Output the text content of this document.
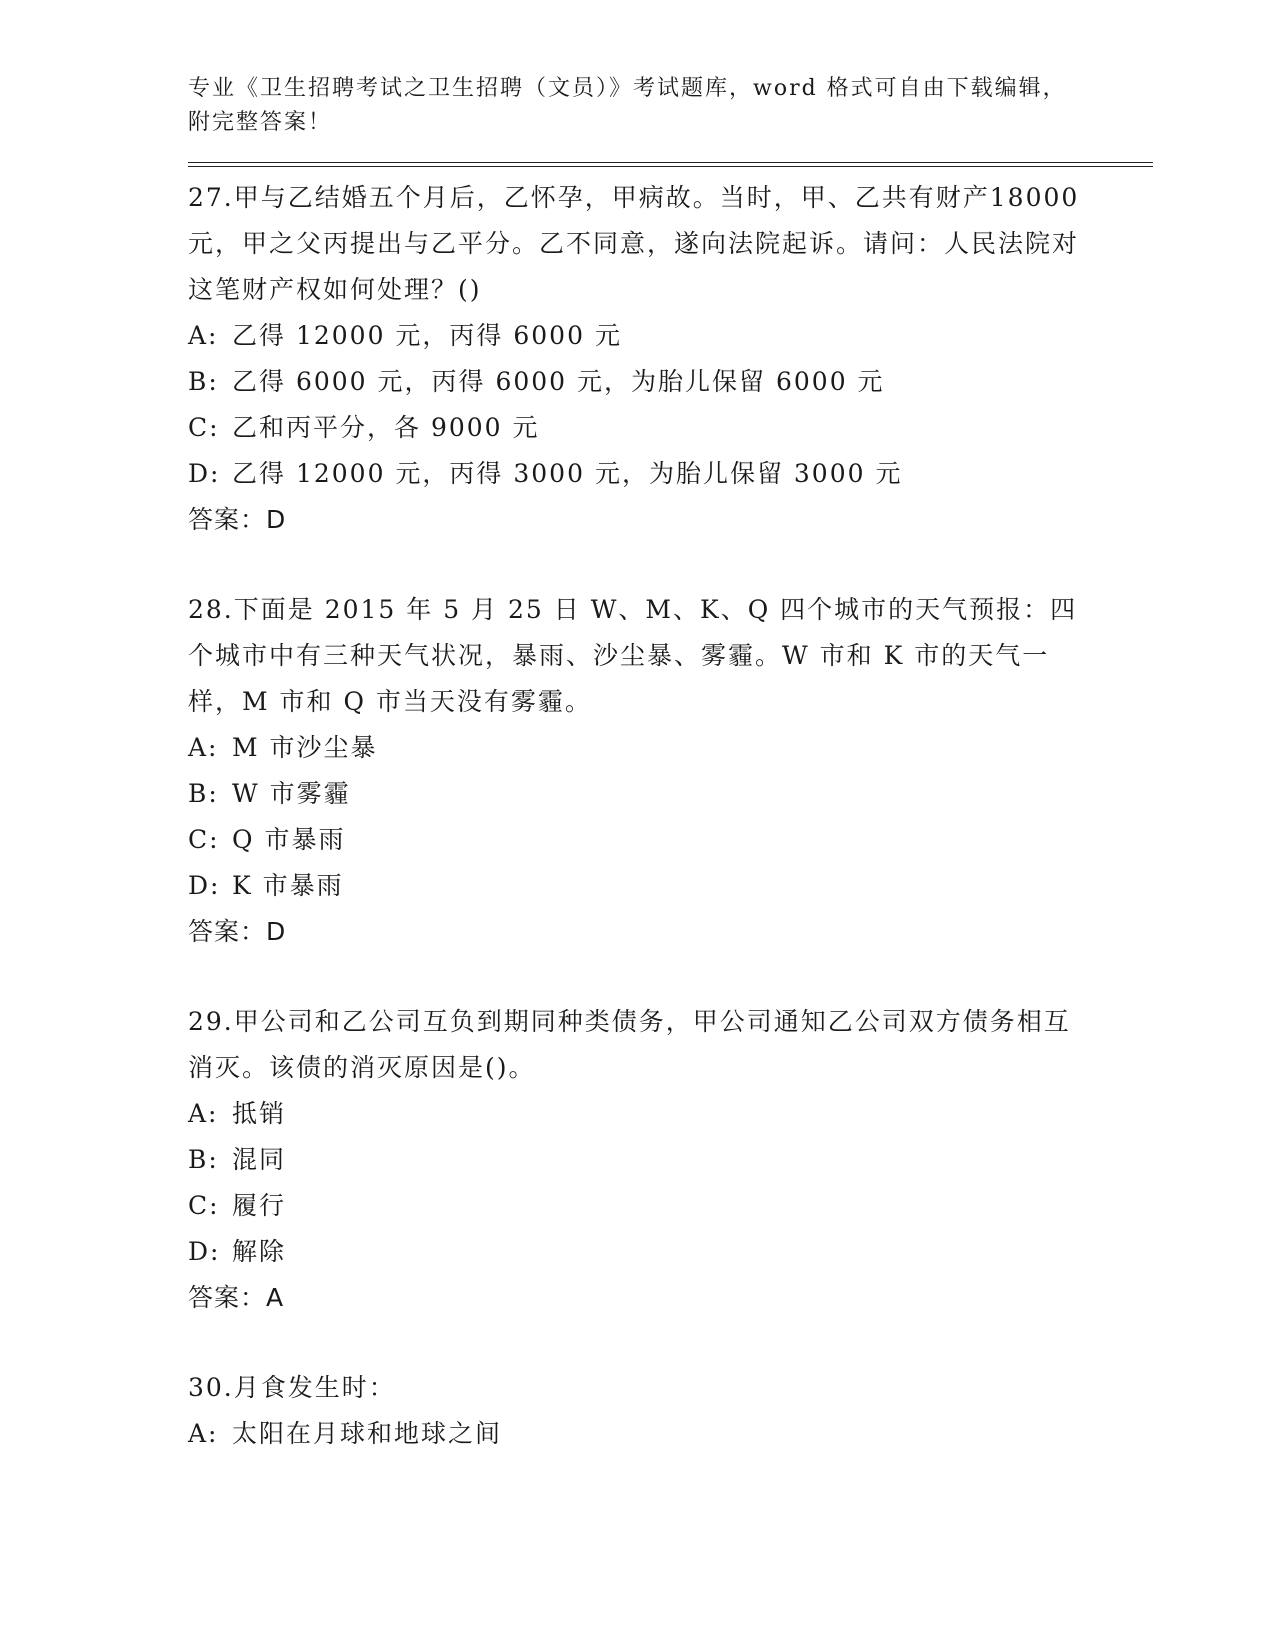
专业《卫生招聘考试之卫生招聘（文员）》考试题库，word 格式可自由下载编辑，附完整答案！
27.甲与乙结婚五个月后，乙怀孕，甲病故。当时，甲、乙共有财产18000 元，甲之父丙提出与乙平分。乙不同意，遂向法院起诉。请问：人民法院对这笔财产权如何处理？()
A: 乙得 12000 元，丙得 6000 元
B: 乙得 6000 元，丙得 6000 元，为胎儿保留 6000 元
C: 乙和丙平分，各 9000 元
D: 乙得 12000 元，丙得 3000 元，为胎儿保留 3000 元
答案：D
28.下面是 2015 年 5 月 25 日 W、M、K、Q 四个城市的天气预报：四个城市中有三种天气状况，暴雨、沙尘暴、雾霾。W 市和 K 市的天气一样，M 市和 Q 市当天没有雾霾。
A: M 市沙尘暴
B: W 市雾霾
C: Q 市暴雨
D: K 市暴雨
答案：D
29.甲公司和乙公司互负到期同种类债务，甲公司通知乙公司双方债务相互消灭。该债的消灭原因是()。
A: 抵销
B: 混同
C: 履行
D: 解除
答案：A
30.月食发生时：
A: 太阳在月球和地球之间
